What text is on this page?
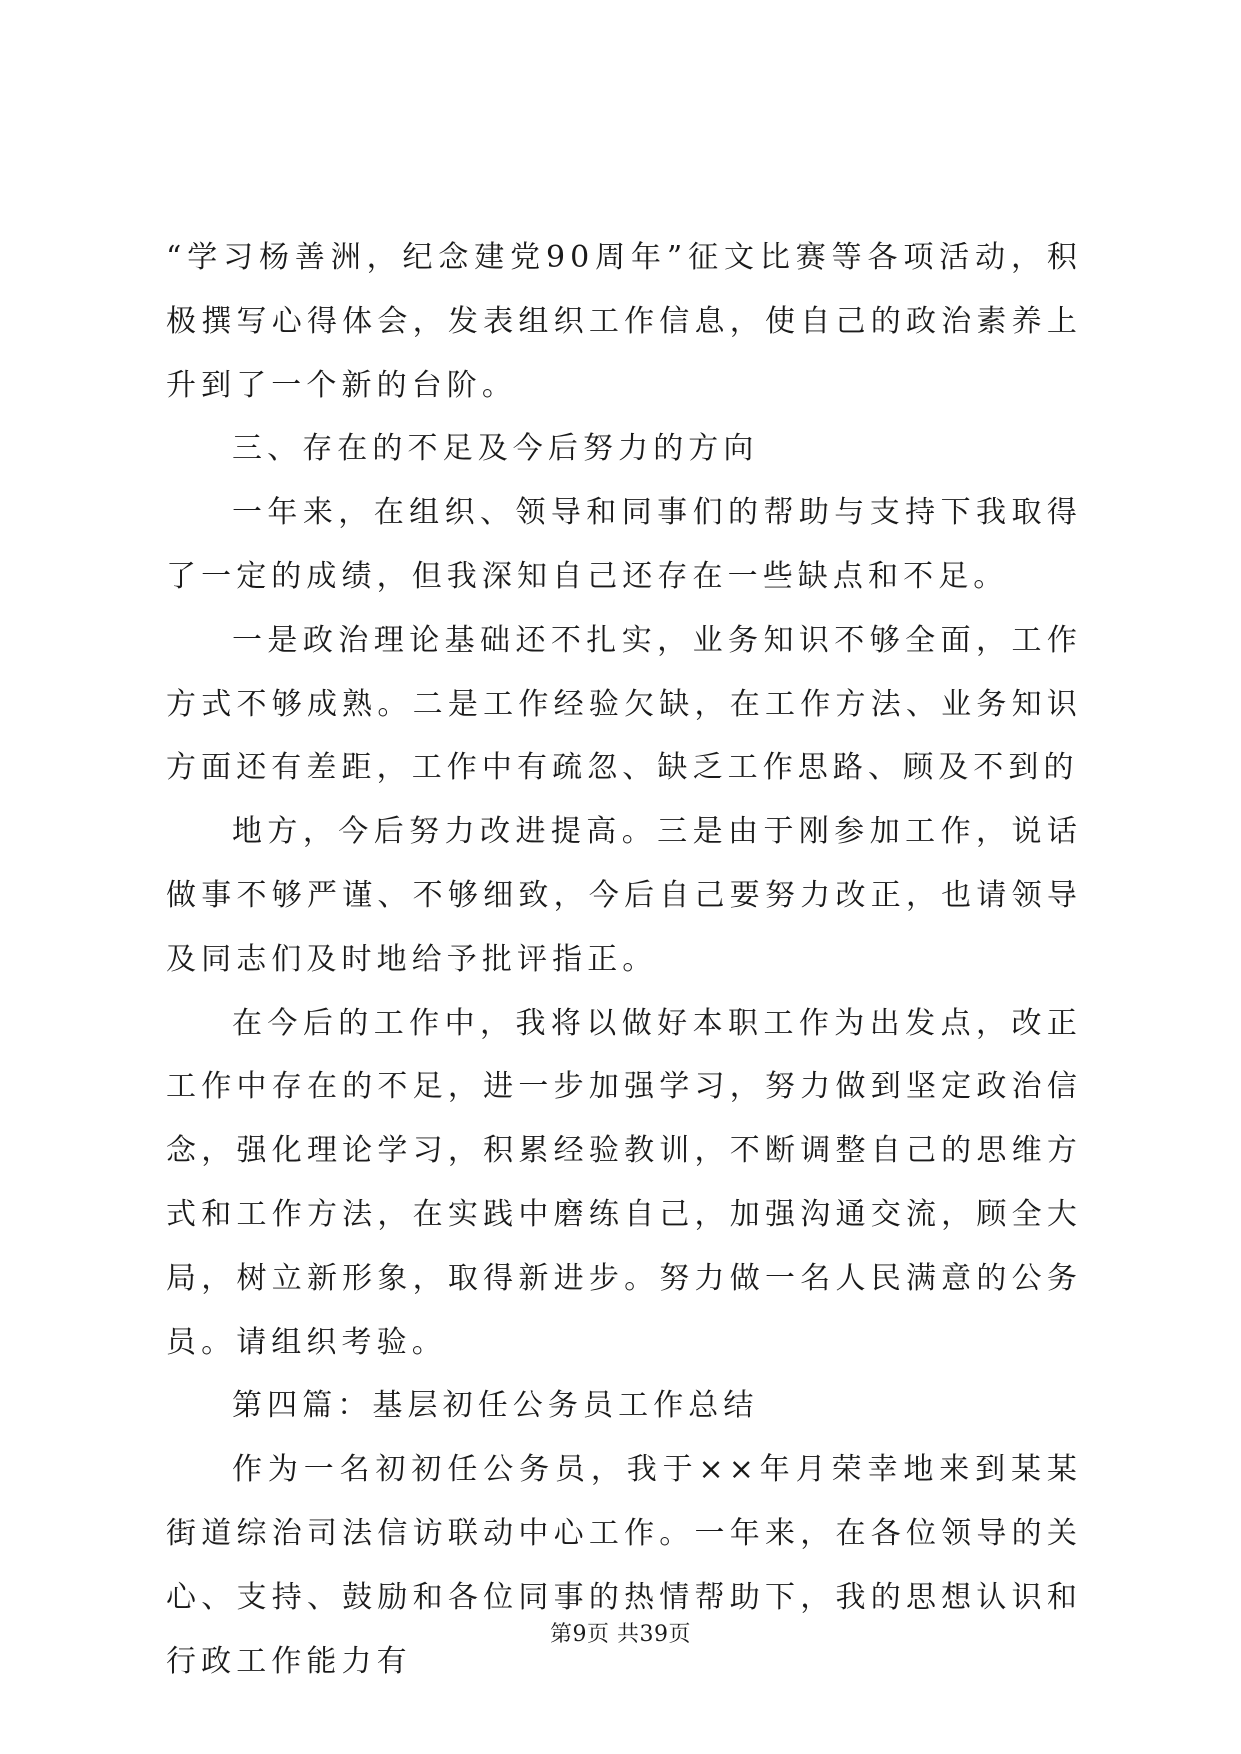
“学习杨善洲，纪念建党90周年”征文比赛等各项活动，积极撰写心得体会，发表组织工作信息，使自己的政治素养上升到了一个新的台阶。

三、存在的不足及今后努力的方向

一年来，在组织、领导和同事们的帮助与支持下我取得了一定的成绩，但我深知自己还存在一些缺点和不足。

一是政治理论基础还不扎实，业务知识不够全面，工作方式不够成熟。二是工作经验欠缺，在工作方法、业务知识方面还有差距，工作中有疏忽、缺乏工作思路、顾及不到的

地方，今后努力改进提高。三是由于刚参加工作，说话做事不够严谨、不够细致，今后自己要努力改正，也请领导及同志们及时地给予批评指正。

在今后的工作中，我将以做好本职工作为出发点，改正工作中存在的不足，进一步加强学习，努力做到坚定政治信念，强化理论学习，积累经验教训，不断调整自己的思维方式和工作方法，在实践中磨练自己，加强沟通交流，顾全大局，树立新形象，取得新进步。努力做一名人民满意的公务员。请组织考验。

第四篇：基层初任公务员工作总结

作为一名初初任公务员，我于××年月荣幸地来到某某街道综治司法信访联动中心工作。一年来，在各位领导的关心、支持、鼓励和各位同事的热情帮助下，我的思想认识和行政工作能力有

第9页 共39页
